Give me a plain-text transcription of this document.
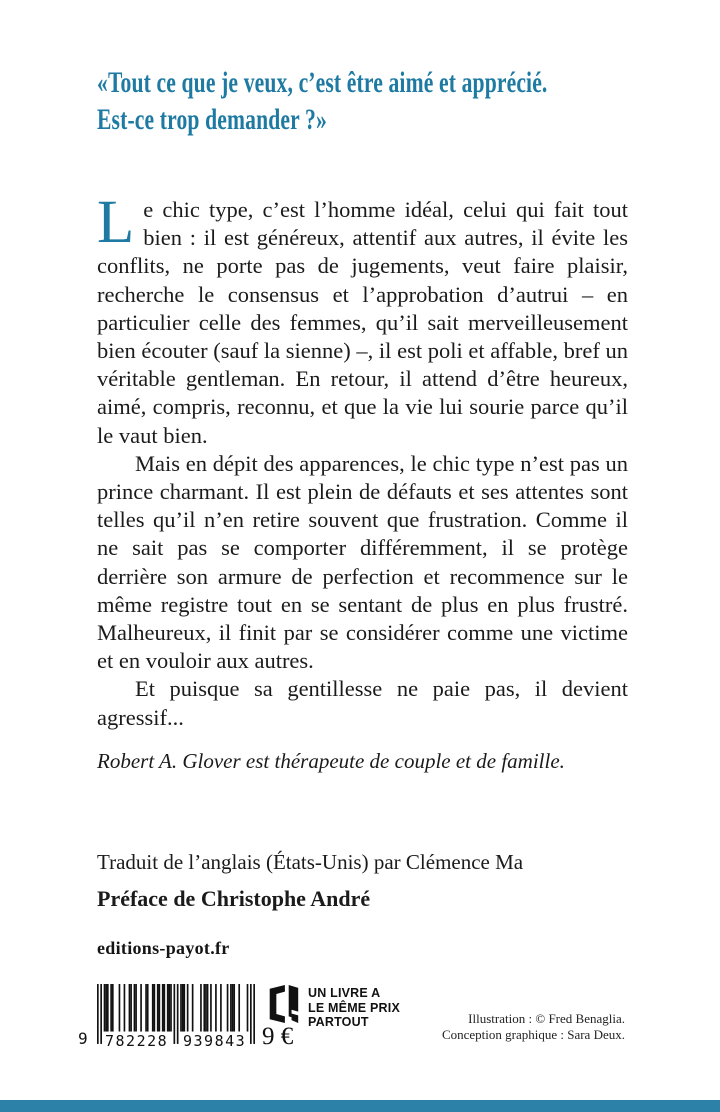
«Tout ce que je veux, c’est être aimé et apprécié.
Est-ce trop demander ?»

Le chic type, c’est l’homme idéal, celui qui fait tout bien : il est généreux, attentif aux autres, il évite les conflits, ne porte pas de jugements, veut faire plaisir, recherche le consensus et l’approbation d’autrui – en particulier celle des femmes, qu’il sait merveilleusement bien écouter (sauf la sienne) –, il est poli et affable, bref un véritable gentleman. En retour, il attend d’être heureux, aimé, compris, reconnu, et que la vie lui sourie parce qu’il le vaut bien.

Mais en dépit des apparences, le chic type n’est pas un prince charmant. Il est plein de défauts et ses attentes sont telles qu’il n’en retire souvent que frustration. Comme il ne sait pas se comporter différemment, il se protège derrière son armure de perfection et recommence sur le même registre tout en se sentant de plus en plus frustré. Malheureux, il finit par se considérer comme une victime et en vouloir aux autres.

Et puisque sa gentillesse ne paie pas, il devient agressif...

Robert A. Glover est thérapeute de couple et de famille.

Traduit de l’anglais (États-Unis) par Clémence Ma

Préface de Christophe André

editions-payot.fr
9 782228 939843 9 €
UN LIVRE A
LE MÊME PRIX
PARTOUT	Illustration : © Fred Benaglia.
Conception graphique : Sara Deux.
